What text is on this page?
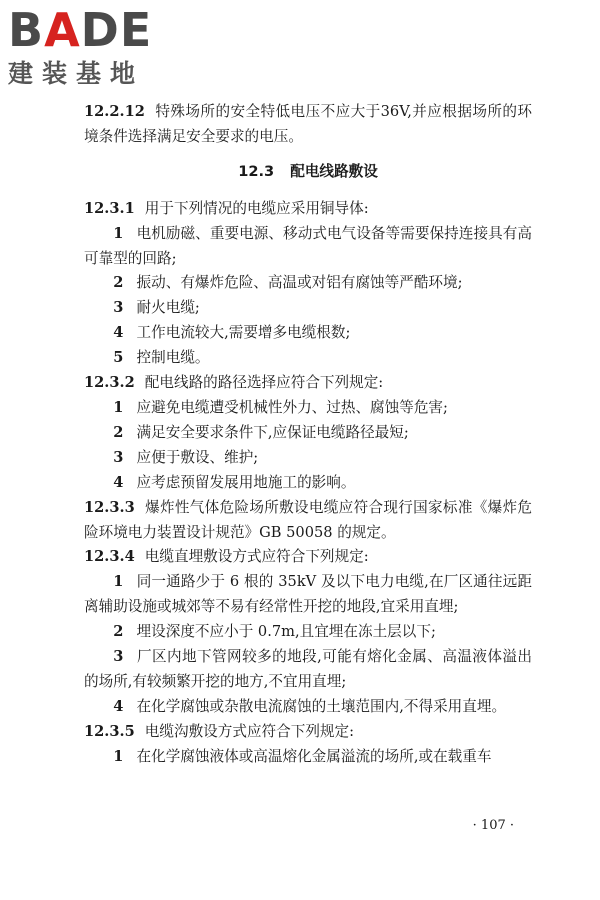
BADE
建装基地

12.2.12 特殊场所的安全特低电压不应大于36V,并应根据场所的环境条件选择满足安全要求的电压。

12.3 配电线路敷设

12.3.1 用于下列情况的电缆应采用铜导体:

1 电机励磁、重要电源、移动式电气设备等需要保持连接具有高可靠型的回路;

2 振动、有爆炸危险、高温或对铝有腐蚀等严酷环境;

3 耐火电缆;

4 工作电流较大,需要增多电缆根数;

5 控制电缆。

12.3.2 配电线路的路径选择应符合下列规定:

1 应避免电缆遭受机械性外力、过热、腐蚀等危害;

2 满足安全要求条件下,应保证电缆路径最短;

3 应便于敷设、维护;

4 应考虑预留发展用地施工的影响。

12.3.3 爆炸性气体危险场所敷设电缆应符合现行国家标准《爆炸危险环境电力装置设计规范》GB 50058 的规定。

12.3.4 电缆直埋敷设方式应符合下列规定:

1 同一通路少于 6 根的 35kV 及以下电力电缆,在厂区通往远距离辅助设施或城郊等不易有经常性开挖的地段,宜采用直埋;

2 埋设深度不应小于 0.7m,且宜埋在冻土层以下;

3 厂区内地下管网较多的地段,可能有熔化金属、高温液体溢出的场所,有较频繁开挖的地方,不宜用直埋;

4 在化学腐蚀或杂散电流腐蚀的土壤范围内,不得采用直埋。

12.3.5 电缆沟敷设方式应符合下列规定:

1 在化学腐蚀液体或高温熔化金属溢流的场所,或在载重车

· 107 ·
